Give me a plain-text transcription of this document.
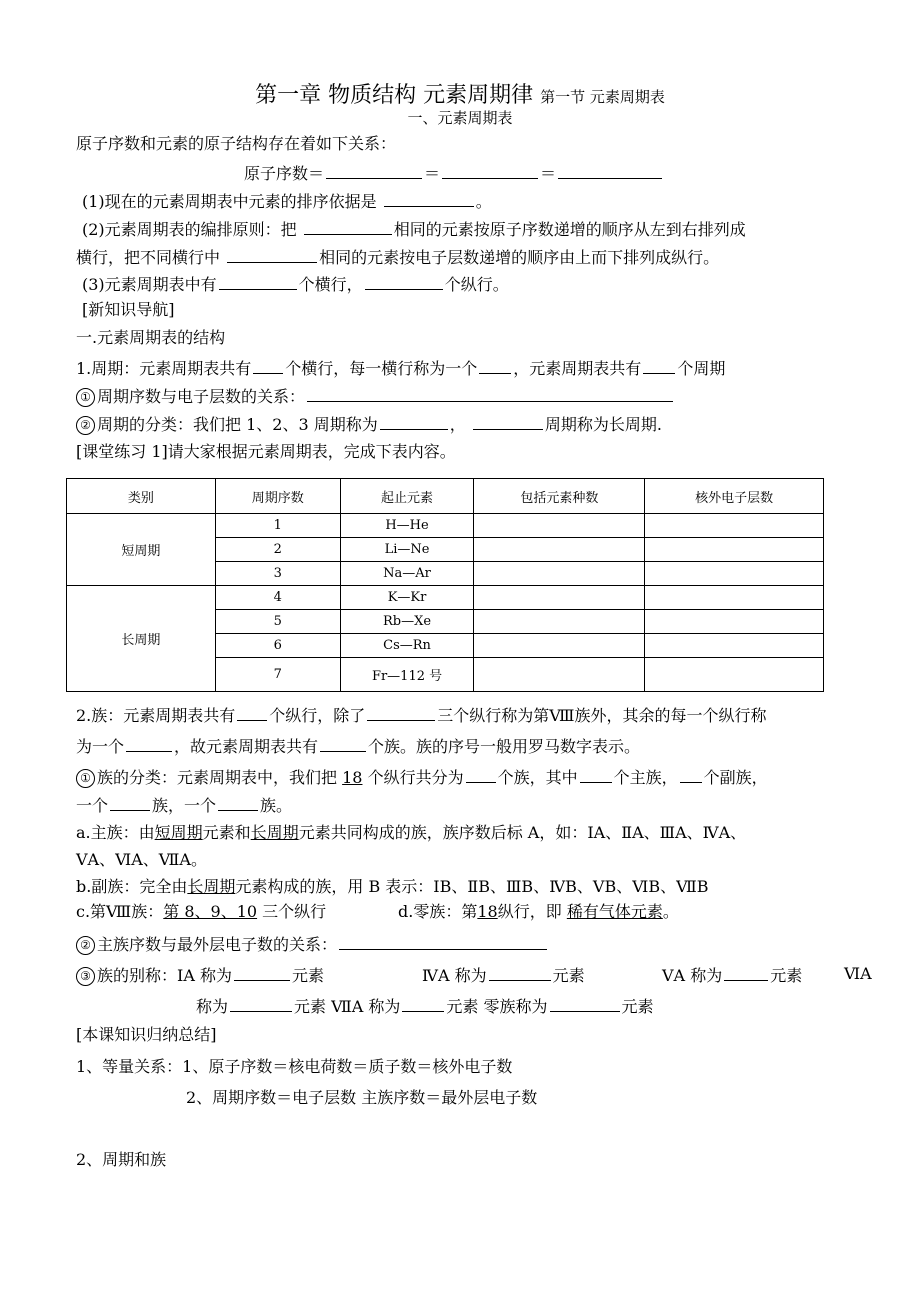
第一章 物质结构 元素周期律 第一节 元素周期表
一、元素周期表
原子序数和元素的原子结构存在着如下关系：
原子序数＝	＝	＝
(1)现在的元素周期表中元素的排序依据是	。
(2)元素周期表的编排原则：把	相同的元素按原子序数递增的顺序从左到右排列成
横行，把不同横行中	相同的元素按电子层数递增的顺序由上而下排列成纵行。
(3)元素周期表中有	个横行，	个纵行。
[新知识导航]
一.元素周期表的结构
1.周期：元素周期表共有 个横行，每一横行称为一个 ，元素周期表共有 个周期
① 周期序数与电子层数的关系：
② 周期的分类：我们把 1、2、3 周期称为	，	周期称为长周期.
[课堂练习 1]请大家根据元素周期表，完成下表内容。
类别	周期序数	起止元素	包括元素种数	核外电子层数
短周期	1	H—He		
	2	Li—Ne		
	3	Na—Ar		
长周期	4	K—Kr		
	5	Rb—Xe		
	6	Cs—Rn		
	7	Fr—112 号		
2.族：元素周期表共有 个纵行，除了	三个纵行称为第Ⅷ族外，其余的每一个纵行称
为一个	，故元素周期表共有	个族。族的序号一般用罗马数字表示。
① 族的分类：元素周期表中，我们把 18 个纵行共分为 个族，其中 个主族， 个副族，
一个	族，一个	族。
a.主族：由短周期元素和长周期元素共同构成的族，族序数后标 A，如：ⅠA、ⅡA、ⅢA、ⅣA、
ⅤA、ⅥA、ⅦA。
b.副族：完全由长周期元素构成的族，用 B 表示：ⅠB、ⅡB、ⅢB、ⅣB、ⅤB、ⅥB、ⅦB
c.第Ⅷ族：第 8、9、10 三个纵行	d.零族：第18纵行，即 稀有气体元素。
② 主族序数与最外层电子数的关系：
③ 族的别称：ⅠA 称为	元素	ⅣA 称为	元素	ⅤA 称为	元素	ⅥA
称为	元素 ⅦA 称为	元素 零族称为	元素
[本课知识归纳总结]
1、等量关系：1、原子序数＝核电荷数＝质子数＝核外电子数
2、周期序数＝电子层数 主族序数＝最外层电子数
2、周期和族
